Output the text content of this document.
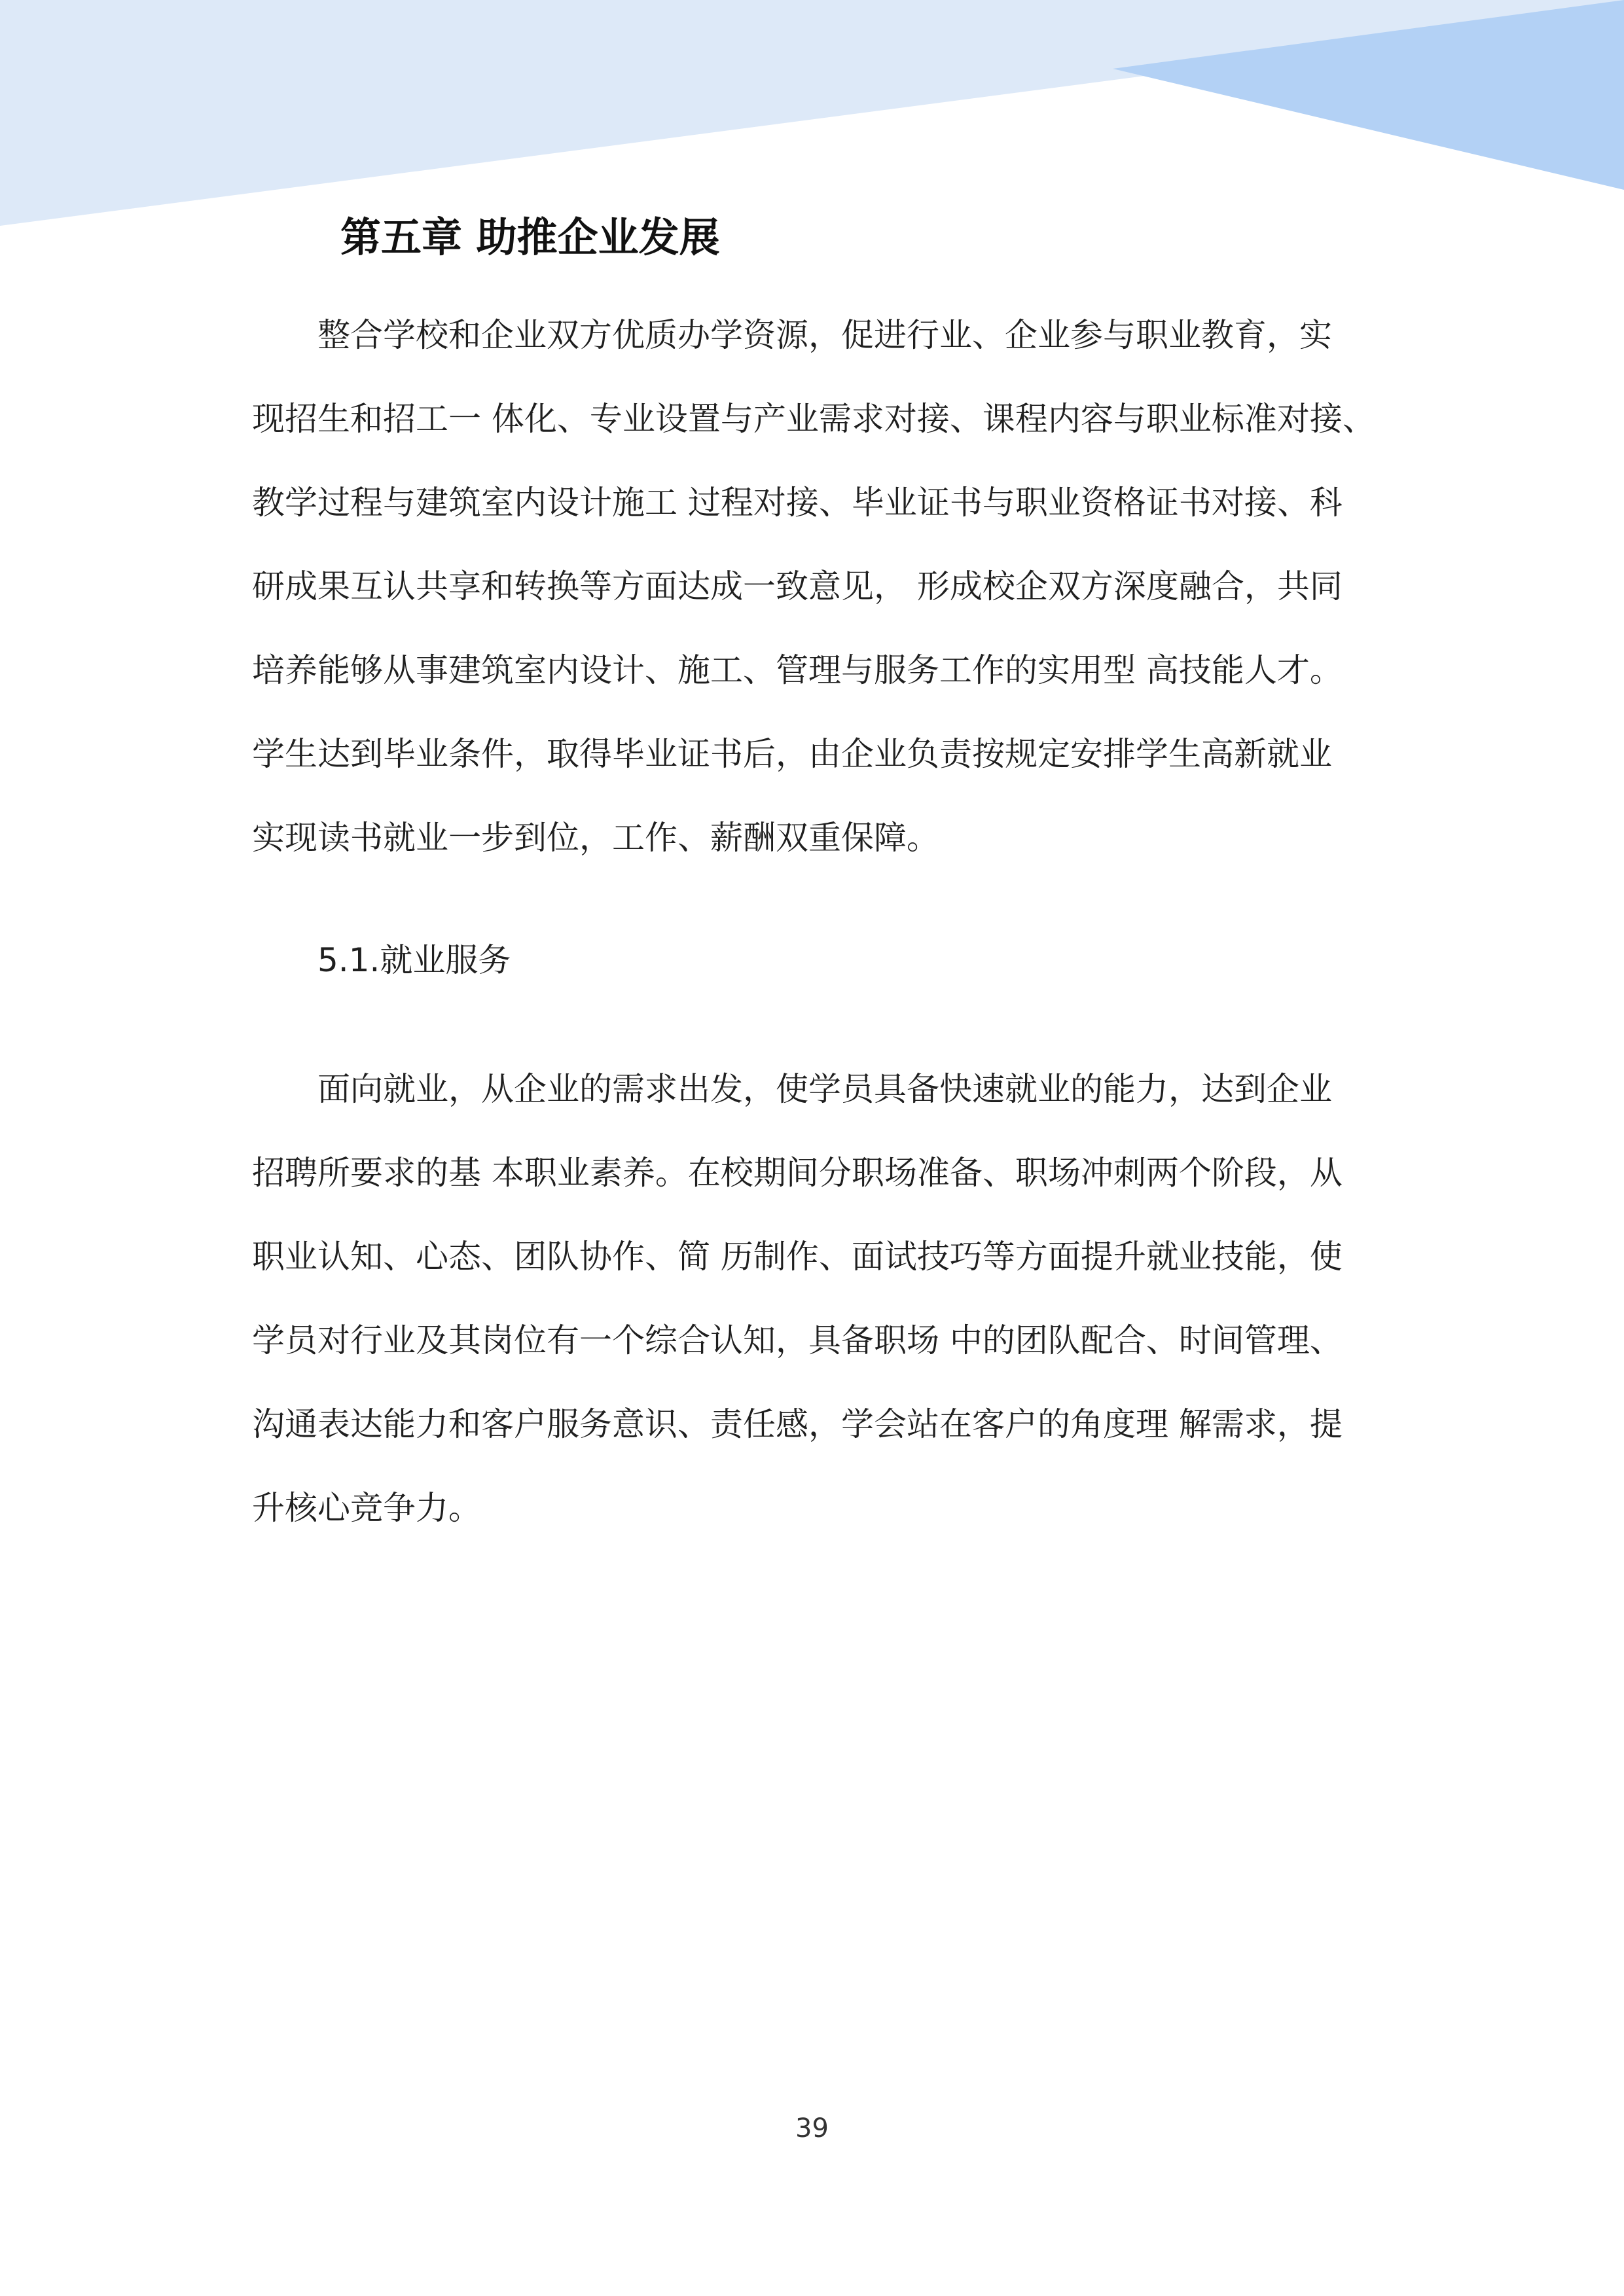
第五章 助推企业发展
整合学校和企业双方优质办学资源，促进行业、企业参与职业教育，实
现招生和招工一 体化、专业设置与产业需求对接、课程内容与职业标准对接、
教学过程与建筑室内设计施工 过程对接、毕业证书与职业资格证书对接、科
研成果互认共享和转换等方面达成一致意见， 形成校企双方深度融合，共同
培养能够从事建筑室内设计、施工、管理与服务工作的实用型 高技能人才。
学生达到毕业条件，取得毕业证书后，由企业负责按规定安排学生高新就业
实现读书就业一步到位，工作、薪酬双重保障。
5.1.就业服务
面向就业，从企业的需求出发，使学员具备快速就业的能力，达到企业
招聘所要求的基 本职业素养。在校期间分职场准备、职场冲刺两个阶段，从
职业认知、心态、团队协作、简 历制作、面试技巧等方面提升就业技能，使
学员对行业及其岗位有一个综合认知，具备职场 中的团队配合、时间管理、
沟通表达能力和客户服务意识、责任感，学会站在客户的角度理 解需求，提
升核心竞争力。
39
